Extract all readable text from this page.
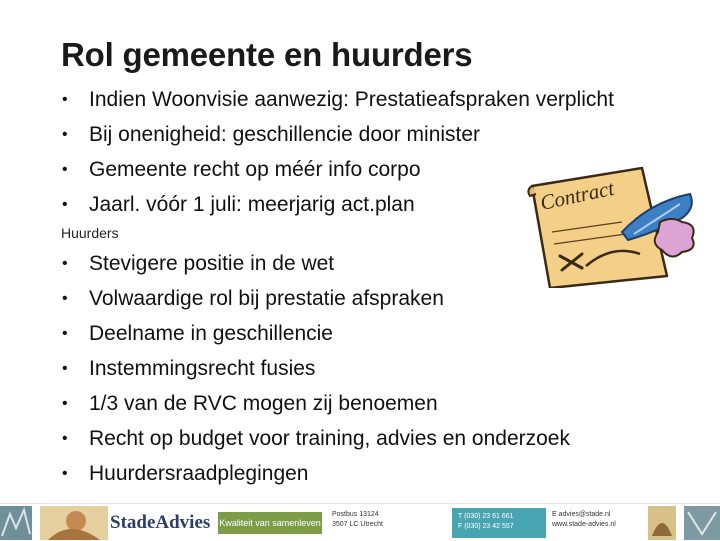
Rol gemeente en huurders
• Indien Woonvisie aanwezig: Prestatieafspraken verplicht
• Bij onenigheid: geschillencie door minister
• Gemeente recht op méér info corpo
• Jaarl. vóór 1 juli: meerjarig act.plan
Huurders
• Stevigere positie in de wet
• Volwaardige rol bij prestatie afspraken
• Deelname in geschillencie
• Instemmingsrecht fusies
• 1/3 van de RVC mogen zij benoemen
• Recht op budget voor training, advies en onderzoek
• Huurdersraadplegingen
Contract
StadeAdvies Kwaliteit van samenleven
Postbus 13124
3507 LC Utrecht
T (030) 23 61 661
F (030) 23 42 557
E advies@stade.nl
www.stade-advies.nl
